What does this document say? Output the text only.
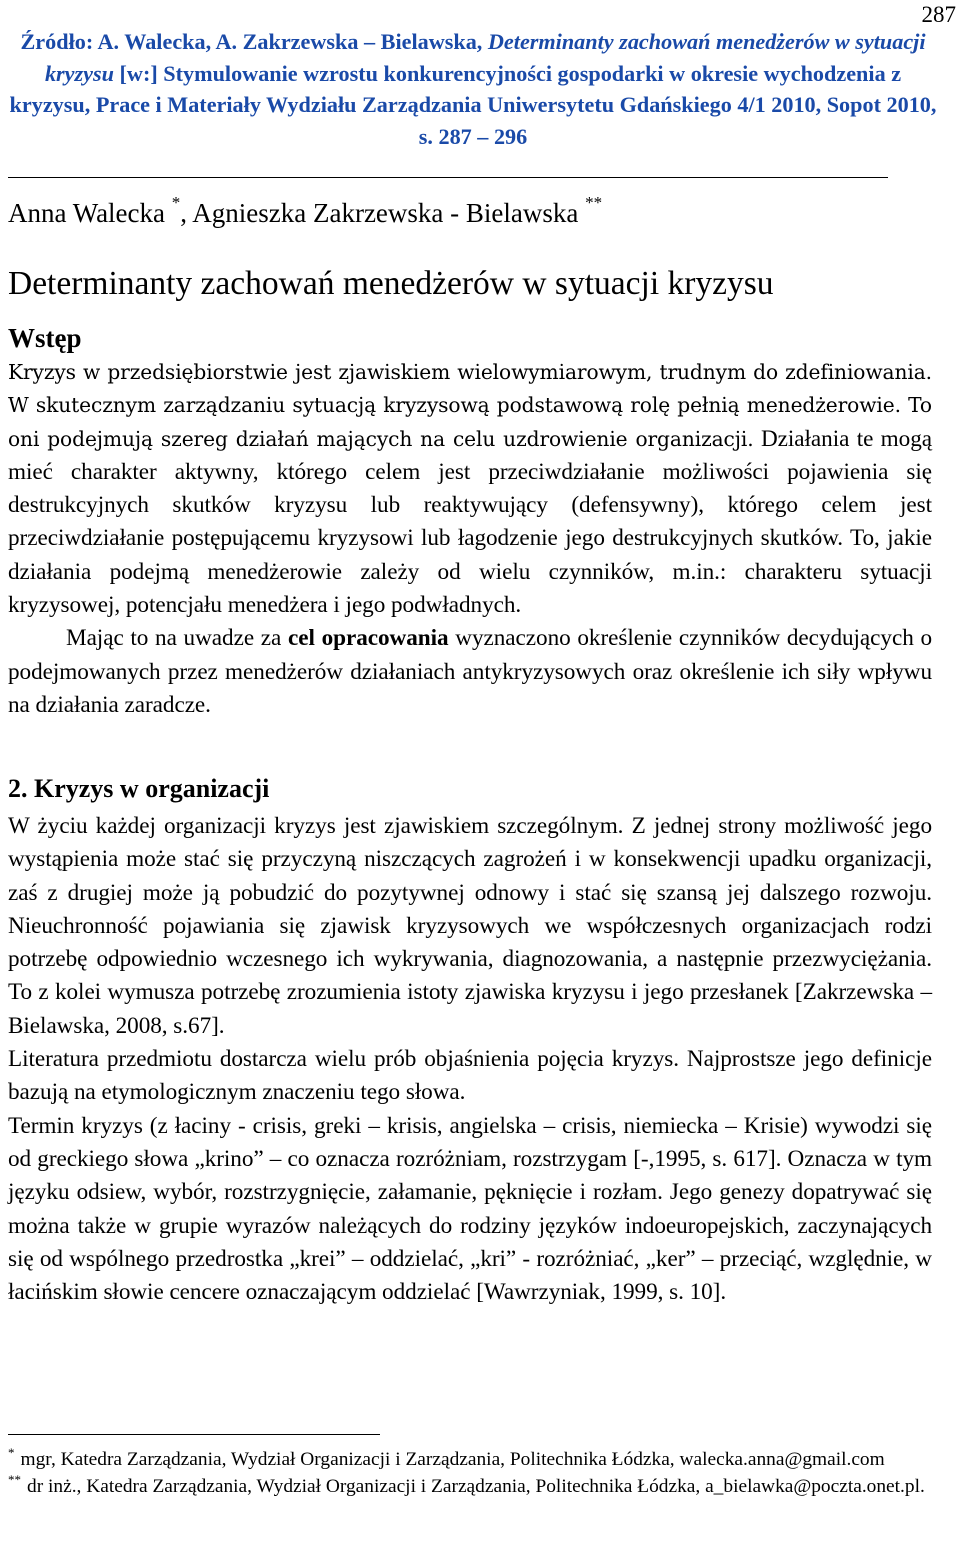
287
Źródło: A. Walecka, A. Zakrzewska – Bielawska, Determinanty zachowań menedżerów w sytuacji kryzysu [w:] Stymulowanie wzrostu konkurencyjności gospodarki w okresie wychodzenia z kryzysu, Prace i Materiały Wydziału Zarządzania Uniwersytetu Gdańskiego 4/1 2010, Sopot 2010, s. 287 – 296
Anna Walecka *, Agnieszka Zakrzewska - Bielawska **
Determinanty zachowań menedżerów w sytuacji kryzysu
Wstęp

Kryzys w przedsiębiorstwie jest zjawiskiem wielowymiarowym, trudnym do zdefiniowania. W skutecznym zarządzaniu sytuacją kryzysową podstawową rolę pełnią menedżerowie. To oni podejmują szereg działań mających na celu uzdrowienie organizacji. Działania te mogą mieć charakter aktywny, którego celem jest przeciwdziałanie możliwości pojawienia się destrukcyjnych skutków kryzysu lub reaktywujący (defensywny), którego celem jest przeciwdziałanie postępującemu kryzysowi lub łagodzenie jego destrukcyjnych skutków. To, jakie działania podejmą menedżerowie zależy od wielu czynników, m.in.: charakteru sytuacji kryzysowej, potencjału menedżera i jego podwładnych.

Mając to na uwadze za cel opracowania wyznaczono określenie czynników decydujących o podejmowanych przez menedżerów działaniach antykryzysowych oraz określenie ich siły wpływu na działania zaradcze.

2. Kryzys w organizacji

W życiu każdej organizacji kryzys jest zjawiskiem szczególnym. Z jednej strony możliwość jego wystąpienia może stać się przyczyną niszczących zagrożeń i w konsekwencji upadku organizacji, zaś z drugiej może ją pobudzić do pozytywnej odnowy i stać się szansą jej dalszego rozwoju. Nieuchronność pojawiania się zjawisk kryzysowych we współczesnych organizacjach rodzi potrzebę odpowiednio wczesnego ich wykrywania, diagnozowania, a następnie przezwyciężania. To z kolei wymusza potrzebę zrozumienia istoty zjawiska kryzysu i jego przesłanek [Zakrzewska – Bielawska, 2008, s.67].

Literatura przedmiotu dostarcza wielu prób objaśnienia pojęcia kryzys. Najprostsze jego definicje bazują na etymologicznym znaczeniu tego słowa.

Termin kryzys (z łaciny - crisis, greki – krisis, angielska – crisis, niemiecka – Krisie) wywodzi się od greckiego słowa „krino” – co oznacza rozróżniam, rozstrzygam [-,1995, s. 617]. Oznacza w tym języku odsiew, wybór, rozstrzygnięcie, załamanie, pęknięcie i rozłam. Jego genezy dopatrywać się można także w grupie wyrazów należących do rodziny języków indoeuropejskich, zaczynających się od wspólnego przedrostka „krei” – oddzielać, „kri” - rozróżniać, „ker” – przeciąć, względnie, w łacińskim słowie cencere oznaczającym oddzielać [Wawrzyniak, 1999, s. 10].

* mgr, Katedra Zarządzania, Wydział Organizacji i Zarządzania, Politechnika Łódzka, walecka.anna@gmail.com

** dr inż., Katedra Zarządzania, Wydział Organizacji i Zarządzania, Politechnika Łódzka, a_bielawka@poczta.onet.pl.
